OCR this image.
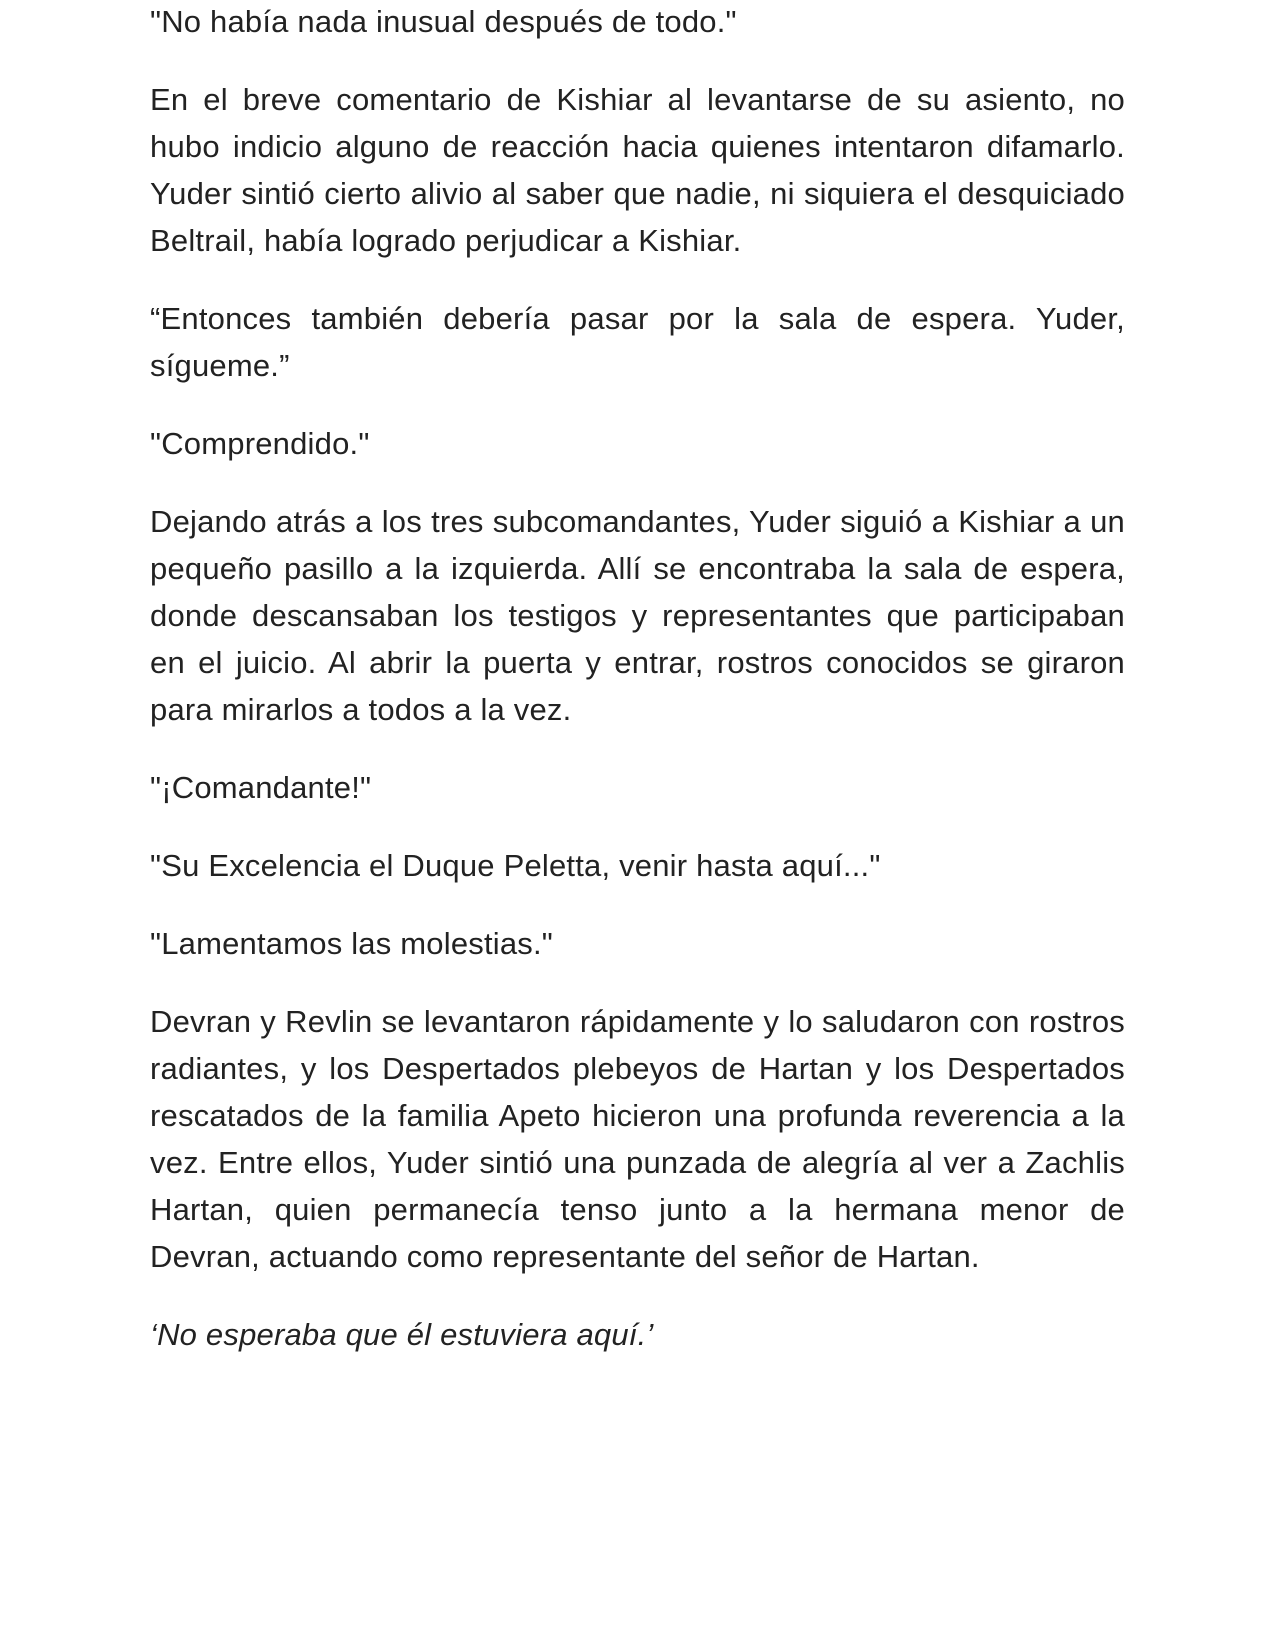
"No había nada inusual después de todo."

En el breve comentario de Kishiar al levantarse de su asiento, no hubo indicio alguno de reacción hacia quienes intentaron difamarlo. Yuder sintió cierto alivio al saber que nadie, ni siquiera el desquiciado Beltrail, había logrado perjudicar a Kishiar.

“Entonces también debería pasar por la sala de espera. Yuder, sígueme.”

"Comprendido."

Dejando atrás a los tres subcomandantes, Yuder siguió a Kishiar a un pequeño pasillo a la izquierda. Allí se encontraba la sala de espera, donde descansaban los testigos y representantes que participaban en el juicio. Al abrir la puerta y entrar, rostros conocidos se giraron para mirarlos a todos a la vez.

"¡Comandante!"

"Su Excelencia el Duque Peletta, venir hasta aquí..."

"Lamentamos las molestias."

Devran y Revlin se levantaron rápidamente y lo saludaron con rostros radiantes, y los Despertados plebeyos de Hartan y los Despertados rescatados de la familia Apeto hicieron una profunda reverencia a la vez. Entre ellos, Yuder sintió una punzada de alegría al ver a Zachlis Hartan, quien permanecía tenso junto a la hermana menor de Devran, actuando como representante del señor de Hartan.

‘No esperaba que él estuviera aquí.’
